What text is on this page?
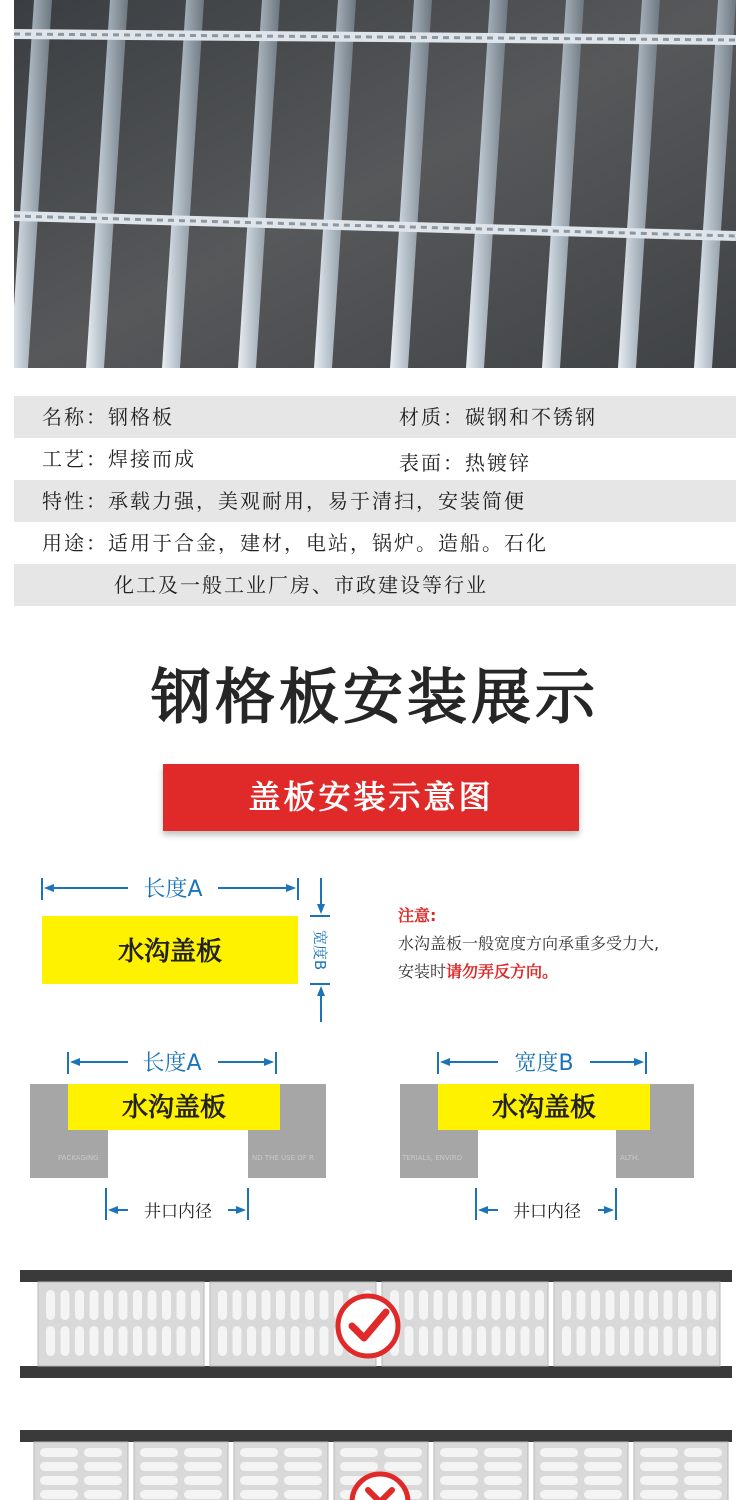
名称：钢格板	材质：碳钢和不锈钢
工艺：焊接而成	表面：热镀锌
特性：承载力强，美观耐用，易于清扫，安装简便
用途：适用于合金，建材，电站，锅炉。造船。石化
化工及一般工业厂房、市政建设等行业
钢格板安装展示
盖板安装示意图
长度A
宽度B
水沟盖板
长度A
水沟盖板
井口内径
PACKAGING	ND THE USE OF R
宽度B
水沟盖板
井口内径
TERIALS, ENVIRO	ALTH.
注意:
水沟盖板一般宽度方向承重多受力大,
安装时请勿弄反方向。
